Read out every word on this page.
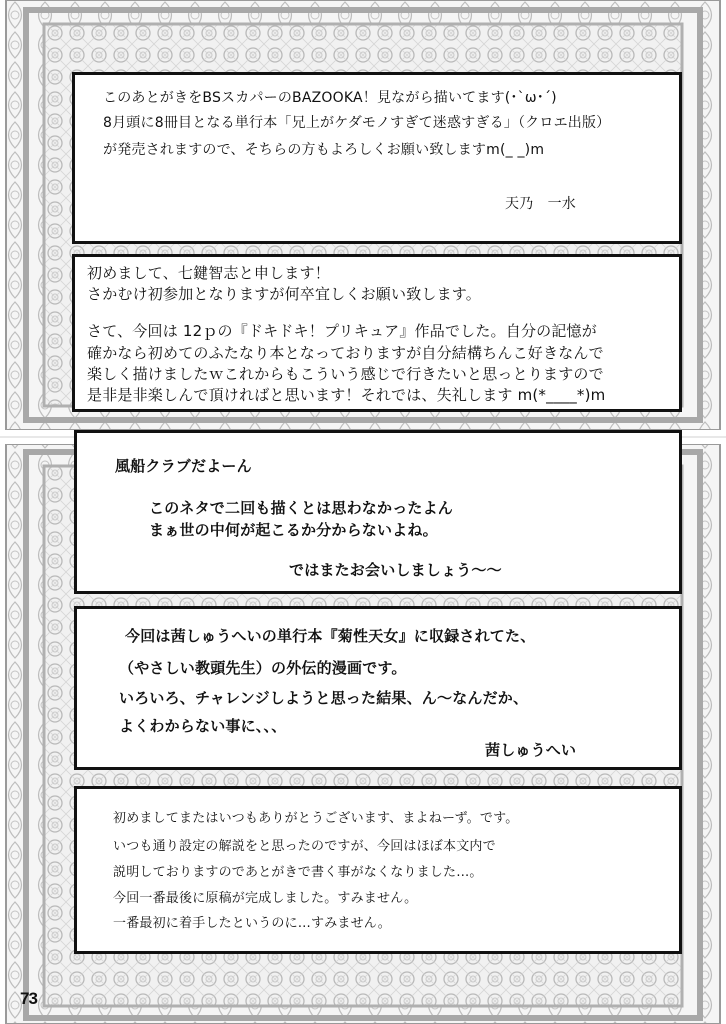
このあとがきをBSスカパーのBAZOOKA！見ながら描いてます(･`ω･´)
8月頭に8冊目となる単行本「兄上がケダモノすぎて迷惑すぎる」（クロエ出版）
が発売されますので、そちらの方もよろしくお願い致しますm(_ _)m
天乃　一水
初めまして、七鍵智志と申します！
さかむけ初参加となりますが何卒宜しくお願い致します。
さて、今回は 12ｐの『ドキドキ！プリキュア』作品でした。自分の記憶が
確かなら初めてのふたなり本となっておりますが自分結構ちんこ好きなんで
楽しく描けましたｗこれからもこういう感じで行きたいと思っとりますので
是非是非楽しんで頂ければと思います！それでは、失礼します m(*____*)m
風船クラブだよーん
このネタで二回も描くとは思わなかったよん
まぁ世の中何が起こるか分からないよね。
ではまたお会いしましょう～～
今回は茜しゅうへいの単行本『菊性天女』に収録されてた、
（やさしい教頭先生）の外伝的漫画です。
いろいろ、チャレンジしようと思った結果、ん～なんだか、
よくわからない事に、、、
茜しゅうへい
初めましてまたはいつもありがとうございます、まよねーず。です。
いつも通り設定の解説をと思ったのですが、今回はほぼ本文内で
説明しておりますのであとがきで書く事がなくなりました…。
今回一番最後に原稿が完成しました。すみません。
一番最初に着手したというのに…すみません。
73
